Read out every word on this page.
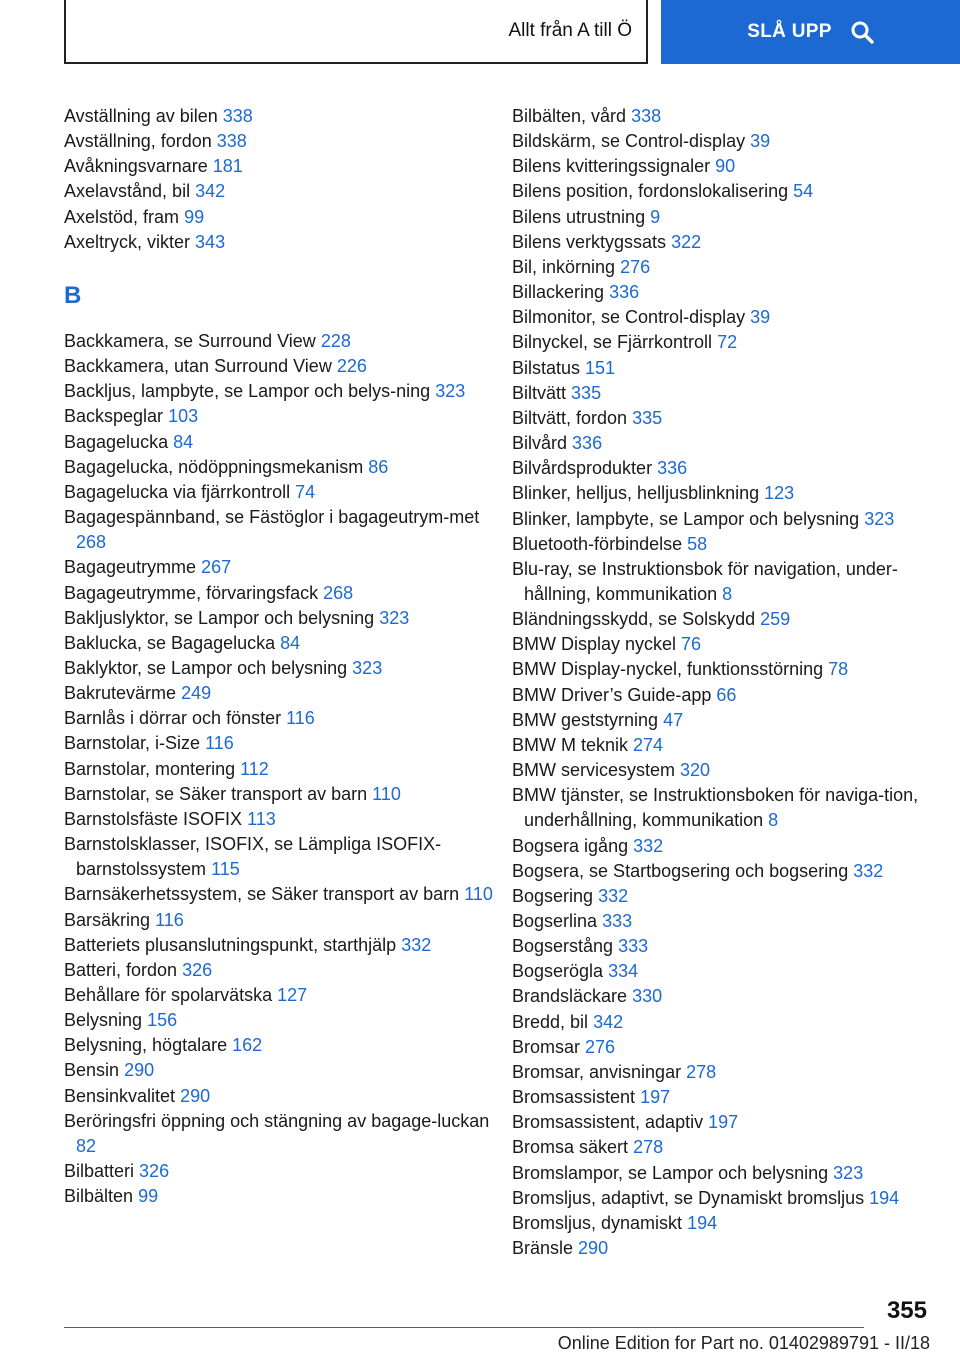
Allt från A till Ö	SLÅ UPP
Avställning av bilen 338
Avställning, fordon 338
Avåkningsvarnare 181
Axelavstånd, bil 342
Axelstöd, fram 99
Axeltryck, vikter 343
B
Backkamera, se Surround View 228
Backkamera, utan Surround View 226
Backljus, lampbyte, se Lampor och belys-ning 323
Backspeglar 103
Bagagelucka 84
Bagagelucka, nödöppningsmekanism 86
Bagagelucka via fjärrkontroll 74
Bagagespännband, se Fästöglor i bagageutrym-met 268
Bagageutrymme 267
Bagageutrymme, förvaringsfack 268
Bakljuslyktor, se Lampor och belysning 323
Baklucka, se Bagagelucka 84
Baklyktor, se Lampor och belysning 323
Bakrutevärme 249
Barnlås i dörrar och fönster 116
Barnstolar, i-Size 116
Barnstolar, montering 112
Barnstolar, se Säker transport av barn 110
Barnstolsfäste ISOFIX 113
Barnstolsklasser, ISOFIX, se Lämpliga ISOFIX-barnstolssystem 115
Barnsäkerhetssystem, se Säker transport av barn 110
Barsäkring 116
Batteriets plusanslutningspunkt, starthjälp 332
Batteri, fordon 326
Behållare för spolarvätska 127
Belysning 156
Belysning, högtalare 162
Bensin 290
Bensinkvalitet 290
Beröringsfri öppning och stängning av bagage-luckan 82
Bilbatteri 326
Bilbälten 99
Bilbälten, vård 338
Bildskärm, se Control-display 39
Bilens kvitteringssignaler 90
Bilens position, fordonslokalisering 54
Bilens utrustning 9
Bilens verktygssats 322
Bil, inkörning 276
Billackering 336
Bilmonitor, se Control-display 39
Bilnyckel, se Fjärrkontroll 72
Bilstatus 151
Biltvätt 335
Biltvätt, fordon 335
Bilvård 336
Bilvårdsprodukter 336
Blinker, helljus, helljusblinkning 123
Blinker, lampbyte, se Lampor och belysning 323
Bluetooth-förbindelse 58
Blu-ray, se Instruktionsbok för navigation, under-hållning, kommunikation 8
Bländningsskydd, se Solskydd 259
BMW Display nyckel 76
BMW Display-nyckel, funktionsstörning 78
BMW Driver’s Guide-app 66
BMW geststyrning 47
BMW M teknik 274
BMW servicesystem 320
BMW tjänster, se Instruktionsboken för naviga-tion, underhållning, kommunikation 8
Bogsera igång 332
Bogsera, se Startbogsering och bogsering 332
Bogsering 332
Bogserlina 333
Bogserstång 333
Bogserögla 334
Brandsläckare 330
Bredd, bil 342
Bromsar 276
Bromsar, anvisningar 278
Bromsassistent 197
Bromsassistent, adaptiv 197
Bromsa säkert 278
Bromslampor, se Lampor och belysning 323
Bromsljus, adaptivt, se Dynamiskt bromsljus 194
Bromsljus, dynamiskt 194
Bränsle 290
355
Online Edition for Part no. 01402989791 - II/18
